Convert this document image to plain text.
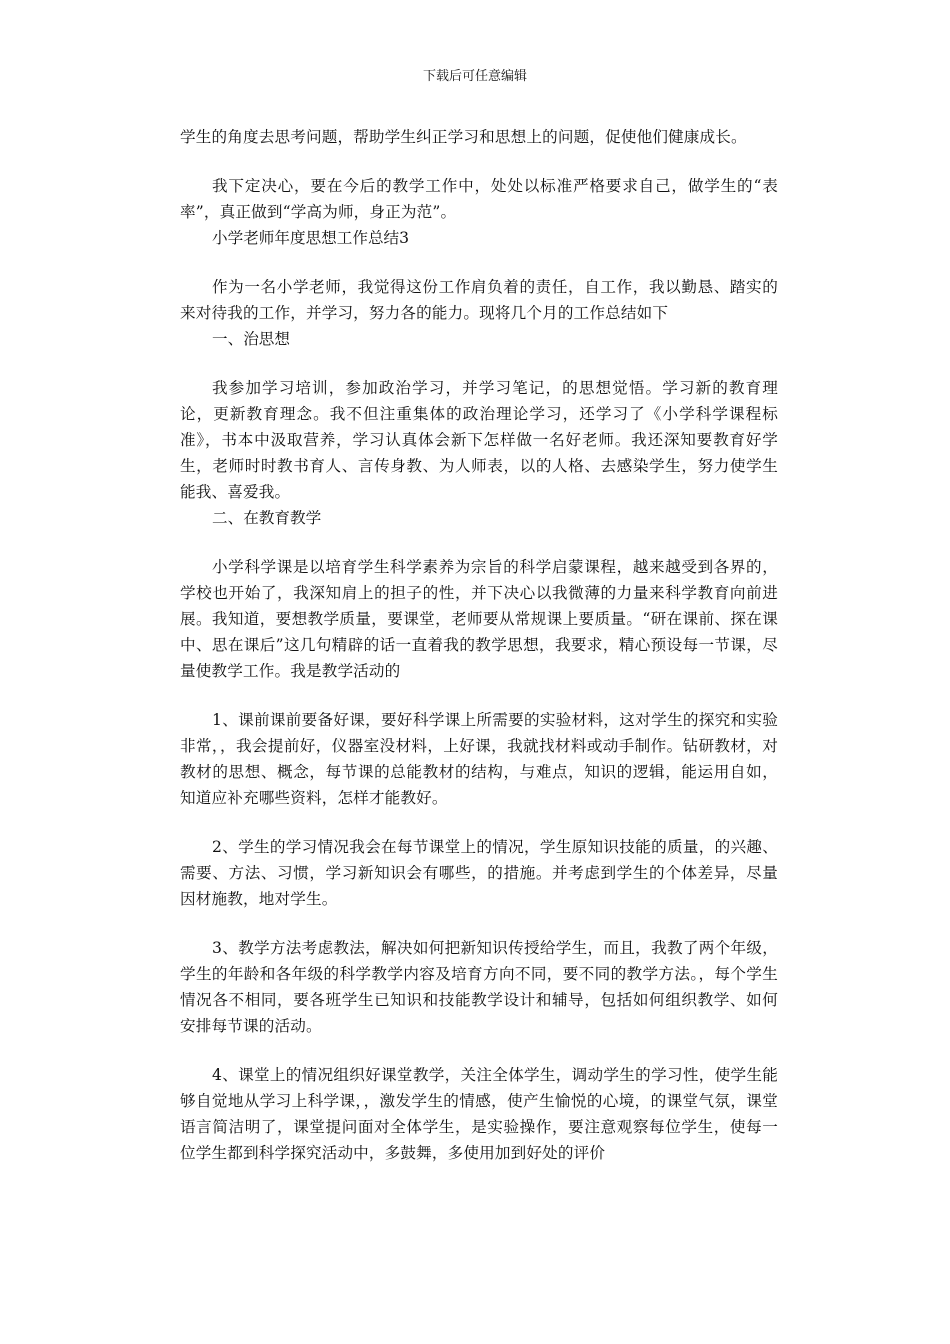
下载后可任意编辑

学生的角度去思考问题，帮助学生纠正学习和思想上的问题，促使他们健康成长。

我下定决心，要在今后的教学工作中，处处以标准严格要求自己，做学生的“表率”，真正做到“学高为师，身正为范”。

小学老师年度思想工作总结3

作为一名小学老师，我觉得这份工作肩负着的责任，自工作，我以勤恳、踏实的来对待我的工作，并学习，努力各的能力。现将几个月的工作总结如下

一、治思想

我参加学习培训，参加政治学习，并学习笔记，的思想觉悟。学习新的教育理论，更新教育理念。我不但注重集体的政治理论学习，还学习了《小学科学课程标准》，书本中汲取营养，学习认真体会新下怎样做一名好老师。我还深知要教育好学生，老师时时教书育人、言传身教、为人师表，以的人格、去感染学生，努力使学生能我、喜爱我。

二、在教育教学

小学科学课是以培育学生科学素养为宗旨的科学启蒙课程，越来越受到各界的，学校也开始了，我深知肩上的担子的性，并下决心以我微薄的力量来科学教育向前进展。我知道，要想教学质量，要课堂，老师要从常规课上要质量。“研在课前、探在课中、思在课后”这几句精辟的话一直着我的教学思想，我要求，精心预设每一节课，尽量使教学工作。我是教学活动的

1、课前课前要备好课，要好科学课上所需要的实验材料，这对学生的探究和实验非常，，我会提前好，仪器室没材料，上好课，我就找材料或动手制作。钻研教材，对教材的思想、概念，每节课的总能教材的结构，与难点，知识的逻辑，能运用自如，知道应补充哪些资料，怎样才能教好。

2、学生的学习情况我会在每节课堂上的情况，学生原知识技能的质量，的兴趣、需要、方法、习惯，学习新知识会有哪些，的措施。并考虑到学生的个体差异，尽量因材施教，地对学生。

3、教学方法考虑教法，解决如何把新知识传授给学生，而且，我教了两个年级，学生的年龄和各年级的科学教学内容及培育方向不同，要不同的教学方法。，每个学生情况各不相同，要各班学生已知识和技能教学设计和辅导，包括如何组织教学、如何安排每节课的活动。

4、课堂上的情况组织好课堂教学，关注全体学生，调动学生的学习性，使学生能够自觉地从学习上科学课，，激发学生的情感，使产生愉悦的心境，的课堂气氛，课堂语言简洁明了，课堂提问面对全体学生，是实验操作，要注意观察每位学生，使每一位学生都到科学探究活动中，多鼓舞，多使用加到好处的评价
